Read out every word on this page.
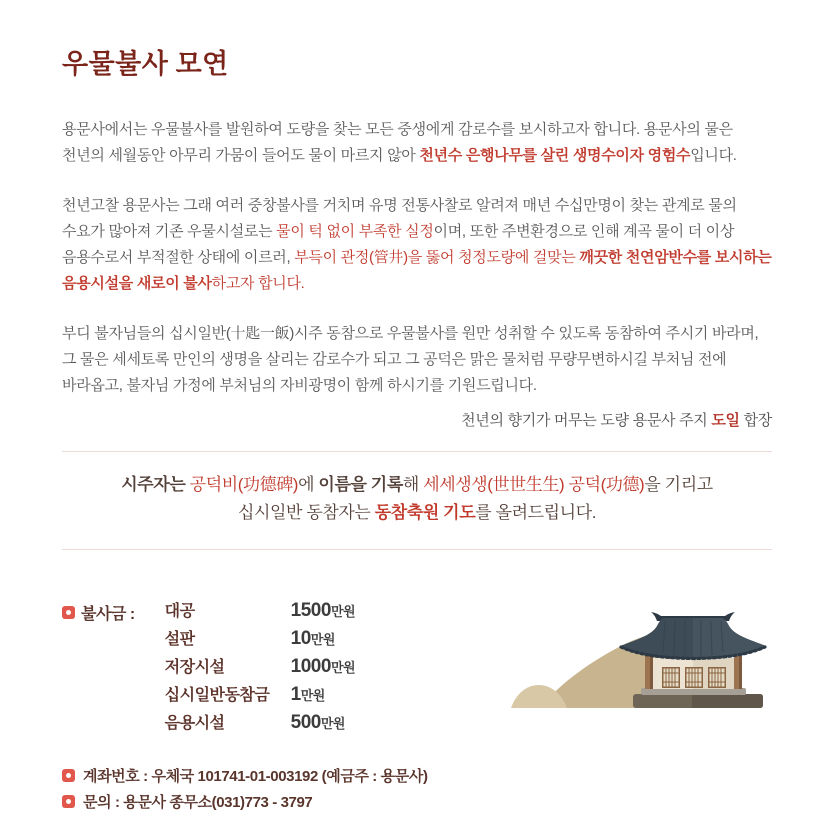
우물불사 모연

용문사에서는 우물불사를 발원하여 도량을 찾는 모든 중생에게 감로수를 보시하고자 합니다. 용문사의 물은 천년의 세월동안 아무리 가뭄이 들어도 물이 마르지 않아 천년수 은행나무를 살린 생명수이자 영험수입니다.

천년고찰 용문사는 그래 여러 중창불사를 거치며 유명 전통사찰로 알려져 매년 수십만명이 찾는 관계로 물의 수요가 많아져 기존 우물시설로는 물이 턱 없이 부족한 실정이며, 또한 주변환경으로 인해 계곡 물이 더 이상 음용수로서 부적절한 상태에 이르러, 부득이 관정(管井)을 뚫어 청정도량에 걸맞는 깨끗한 천연암반수를 보시하는 음용시설을 새로이 불사하고자 합니다.

부디 불자님들의 십시일반(十匙一飯)시주 동참으로 우물불사를 원만 성취할 수 있도록 동참하여 주시기 바라며, 그 물은 세세토록 만인의 생명을 살리는 감로수가 되고 그 공덕은 맑은 물처럼 무량무변하시길 부처님 전에 바라옵고, 불자님 가정에 부처님의 자비광명이 함께 하시기를 기원드립니다.

천년의 향기가 머무는 도량 용문사 주지 도일 합장
시주자는 공덕비(功德碑)에 이름을 기록해 세세생생(世世生生) 공덕(功德)을 기리고
십시일반 동참자는 동참축원 기도를 올려드립니다.
불사금 : 대공	1500만원
설판	10만원
저장시설	1000만원
십시일반동참금	1만원
음용시설	500만원
계좌번호 : 우체국 101741-01-003192 (예금주 : 용문사)
문의 : 용문사 종무소(031)773 - 3797
